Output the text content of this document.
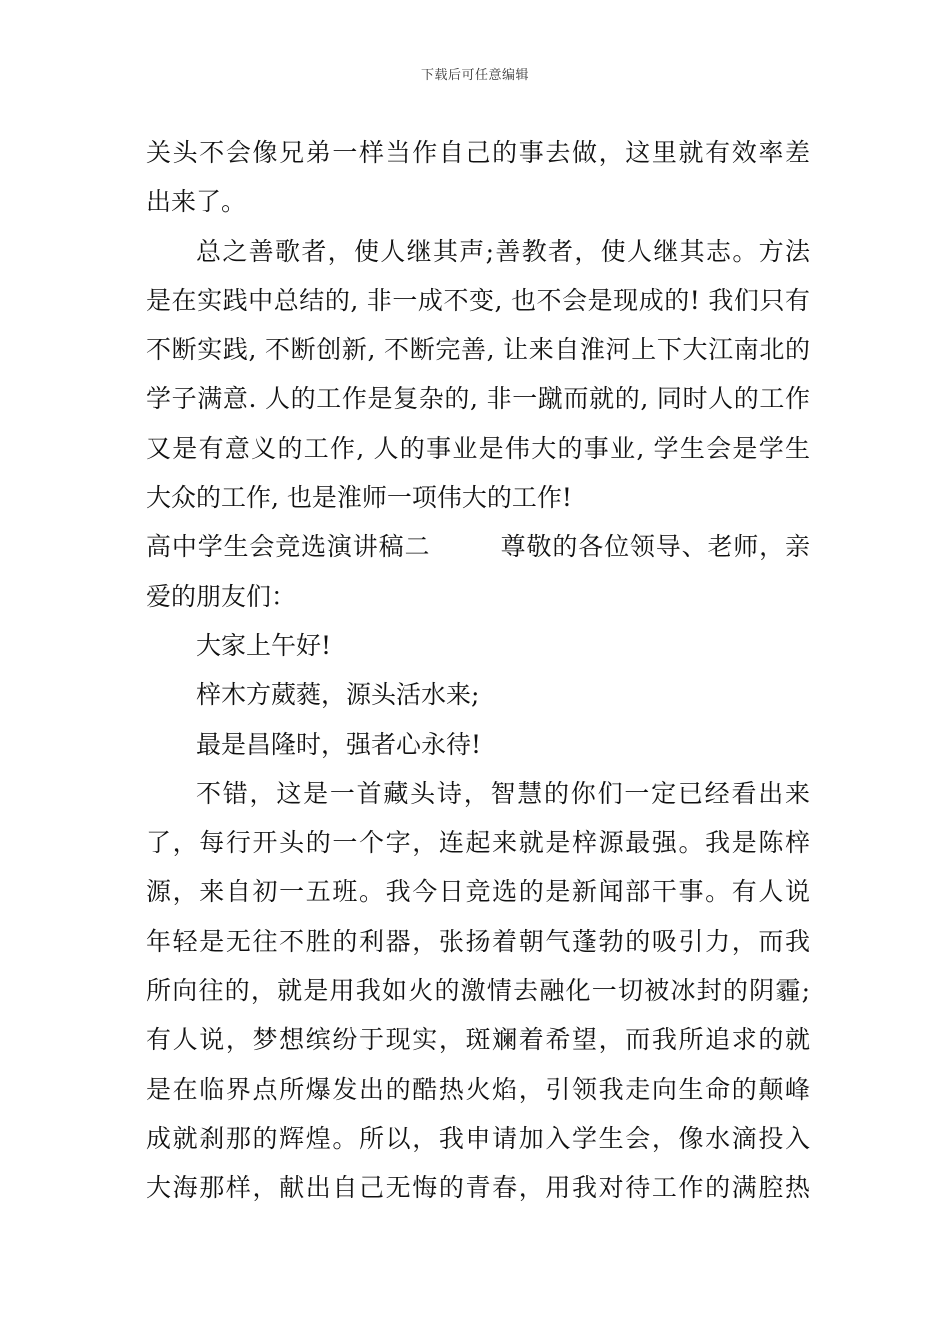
下载后可任意编辑
关头不会像兄弟一样当作自己的事去做，这里就有效率差
出来了。
总之善歌者，使人继其声;善教者，使人继其志。方法
是在实践中总结的, 非一成不变, 也不会是现成的! 我们只有
不断实践, 不断创新, 不断完善, 让来自淮河上下大江南北的
学子满意. 人的工作是复杂的, 非一蹴而就的, 同时人的工作
又是有意义的工作, 人的事业是伟大的事业, 学生会是学生
大众的工作, 也是淮师一项伟大的工作!
高中学生会竞选演讲稿二        尊敬的各位领导、老师，亲
爱的朋友们：
大家上午好!
梓木方葳蕤，源头活水来;
最是昌隆时，强者心永待!
不错，这是一首藏头诗，智慧的你们一定已经看出来
了，每行开头的一个字，连起来就是梓源最强。我是陈梓
源，来自初一五班。我今日竞选的是新闻部干事。有人说
年轻是无往不胜的利器，张扬着朝气蓬勃的吸引力，而我
所向往的，就是用我如火的激情去融化一切被冰封的阴霾;
有人说，梦想缤纷于现实，斑斓着希望，而我所追求的就
是在临界点所爆发出的酷热火焰，引领我走向生命的颠峰
成就刹那的辉煌。所以，我申请加入学生会，像水滴投入
大海那样，献出自己无悔的青春，用我对待工作的满腔热
